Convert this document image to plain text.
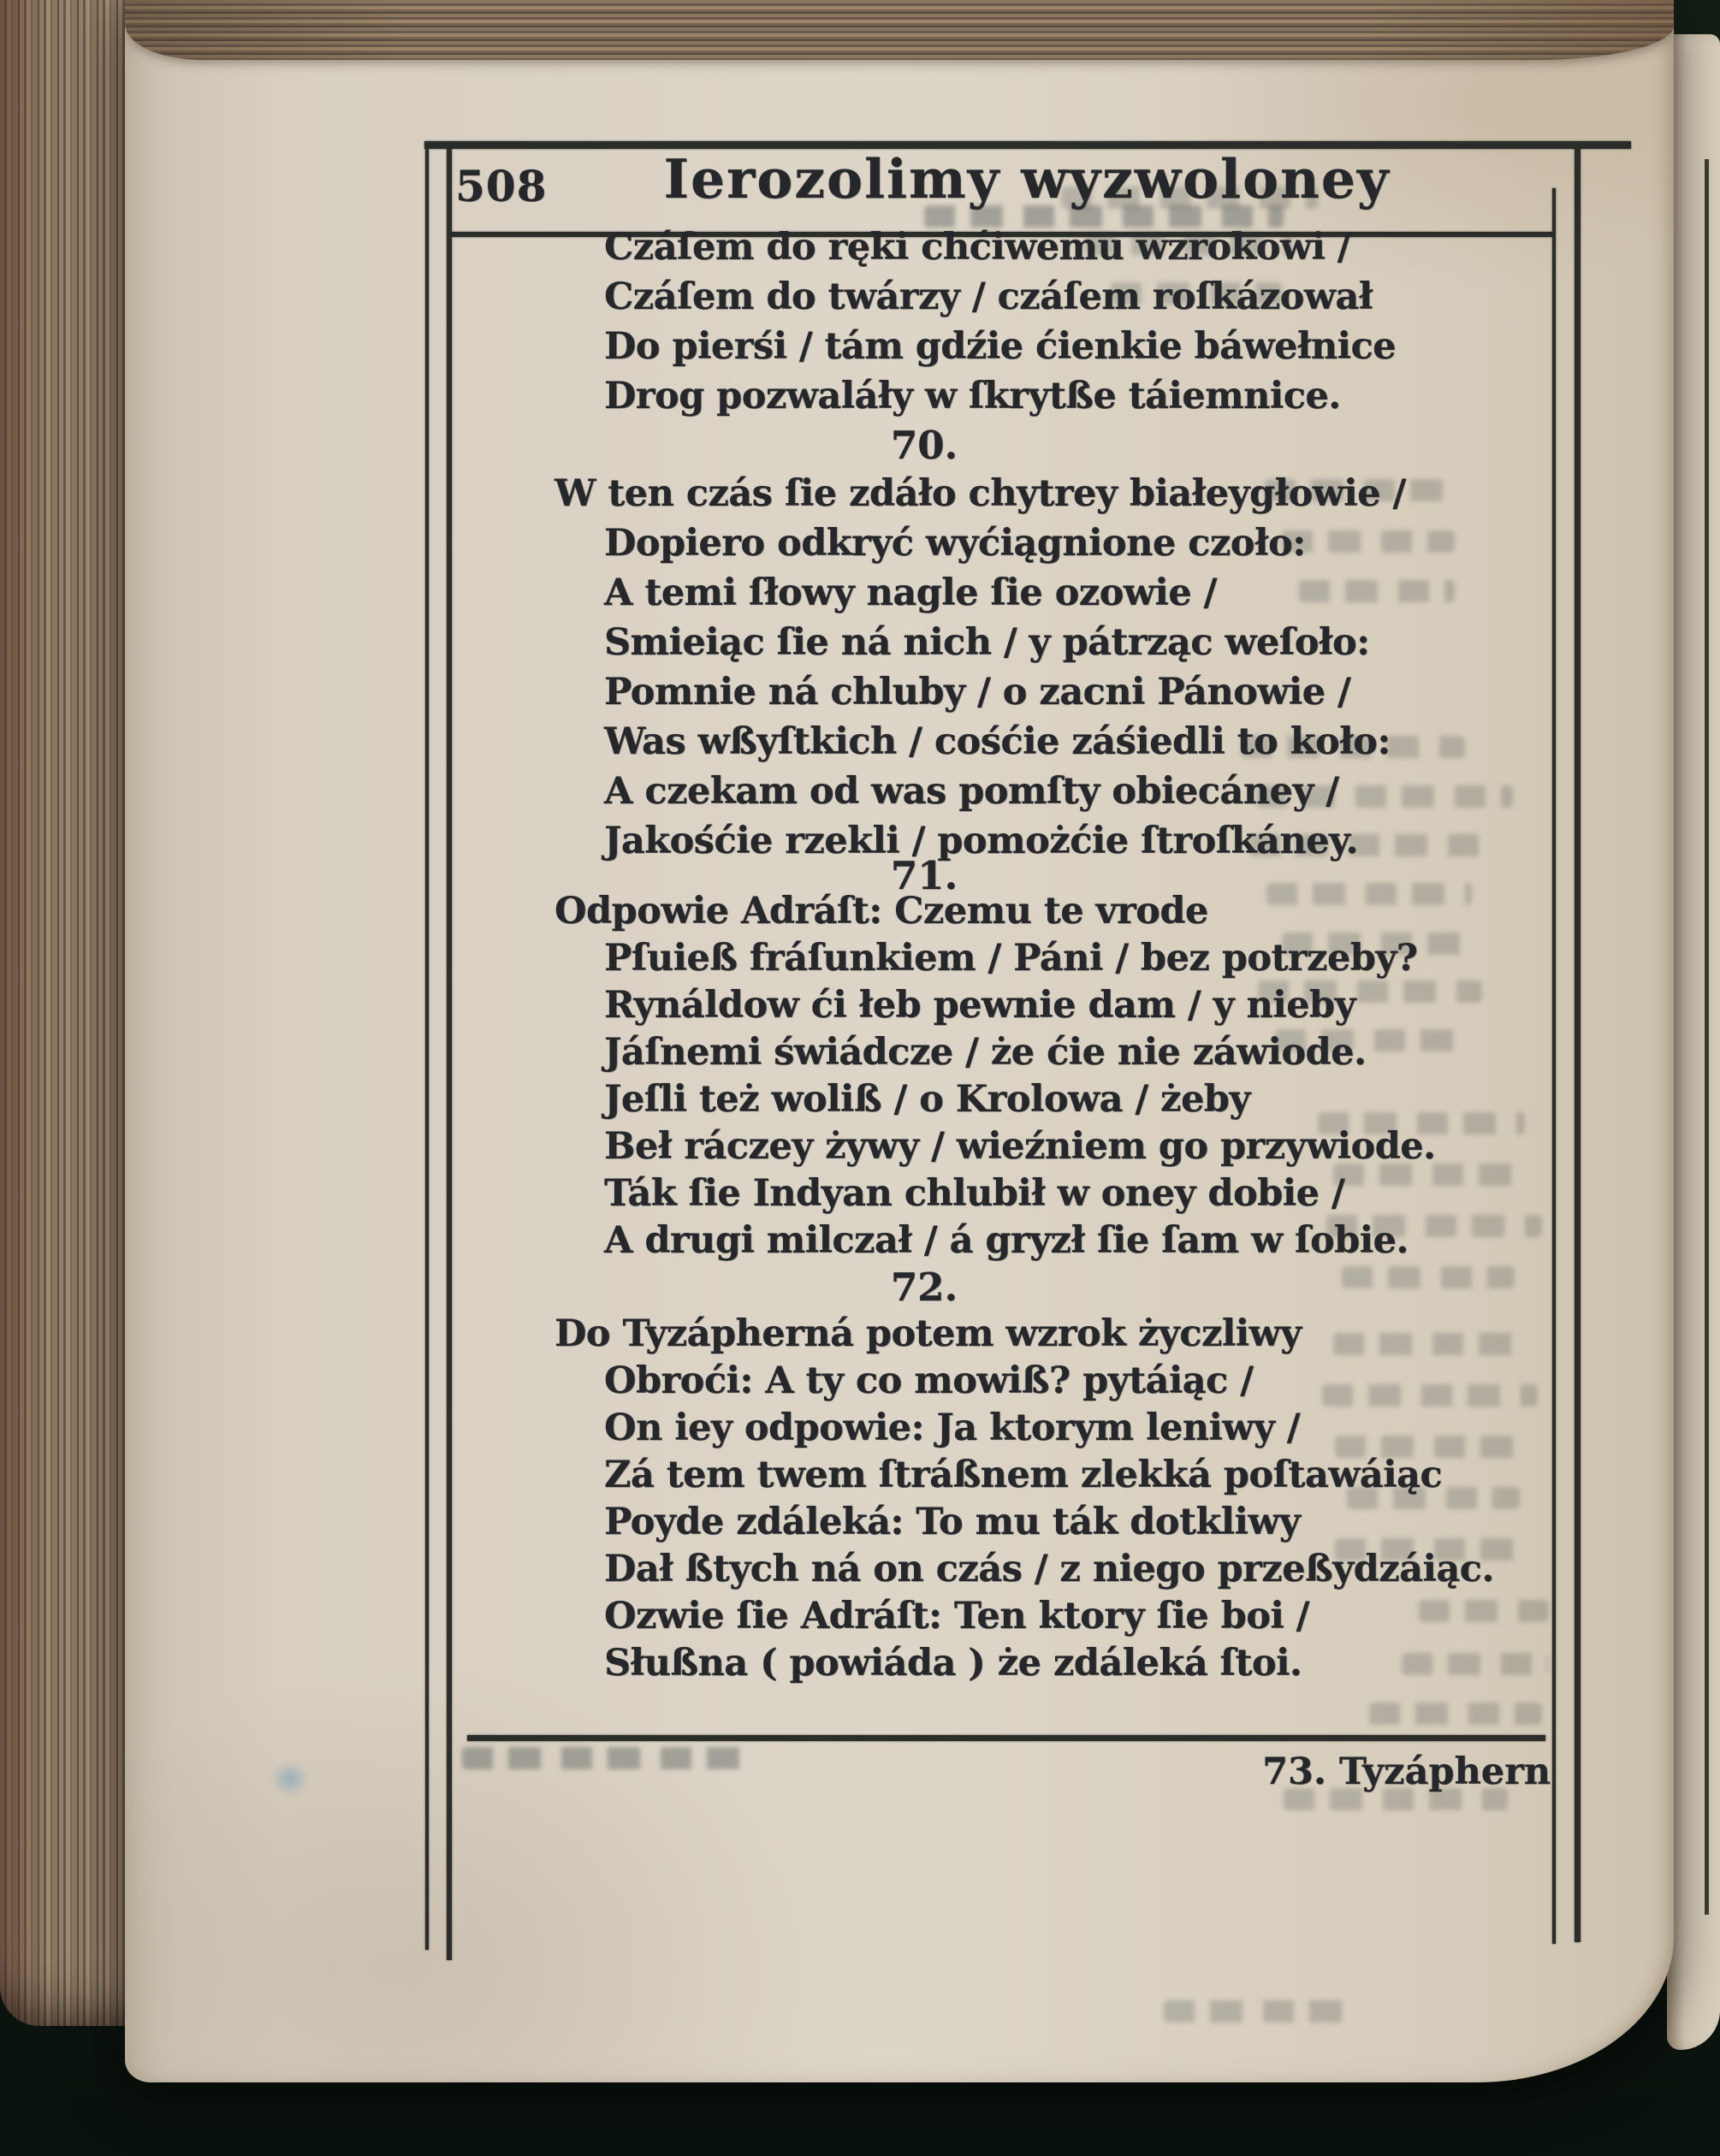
508	Ierozolimy wyzwoloney
Czáſem do ręki chćiwemu wzrokowi /
Czáſem do twárzy / czáſem roſkázował
Do pierśi / tám gdźie ćienkie báwełnice
Drog pozwaláły w ſkrytße táiemnice.
70.
W ten czás ſie zdáło chytrey białeygłowie /
Dopiero odkryć wyćiągnione czoło:
A temi ſłowy nagle ſie ozowie /
Smieiąc ſie ná nich / y pátrząc weſoło:
Pomnie ná chluby / o zacni Pánowie /
Was wßyſtkich / cośćie záśiedli to koło:
A czekam od was pomſty obiecáney /
Jakośćie rzekli / pomożćie ſtroſkáney.
71.
Odpowie Adráſt: Czemu te vrode
Pſuieß fráſunkiem / Páni / bez potrzeby?
Rynáldow ći łeb pewnie dam / y nieby
Jáſnemi świádcze / że ćie nie záwiode.
Jeſli też woliß / o Krolowa / żeby
Beł ráczey żywy / wieźniem go przywiode.
Ták ſie Indyan chlubił w oney dobie /
A drugi milczał / á gryzł ſie ſam w ſobie.
72.
Do Tyzápherná potem wzrok życzliwy
Obroći: A ty co mowiß? pytáiąc /
On iey odpowie: Ja ktorym leniwy /
Zá tem twem ſtráßnem zlekká poſtawáiąc
Poyde zdáleká: To mu ták dotkliwy
Dał ßtych ná on czás / z niego przeßydzáiąc.
Ozwie ſie Adráſt: Ten ktory ſie boi /
Słußna ( powiáda ) że zdáleká ſtoi.
73. Tyzáphern
